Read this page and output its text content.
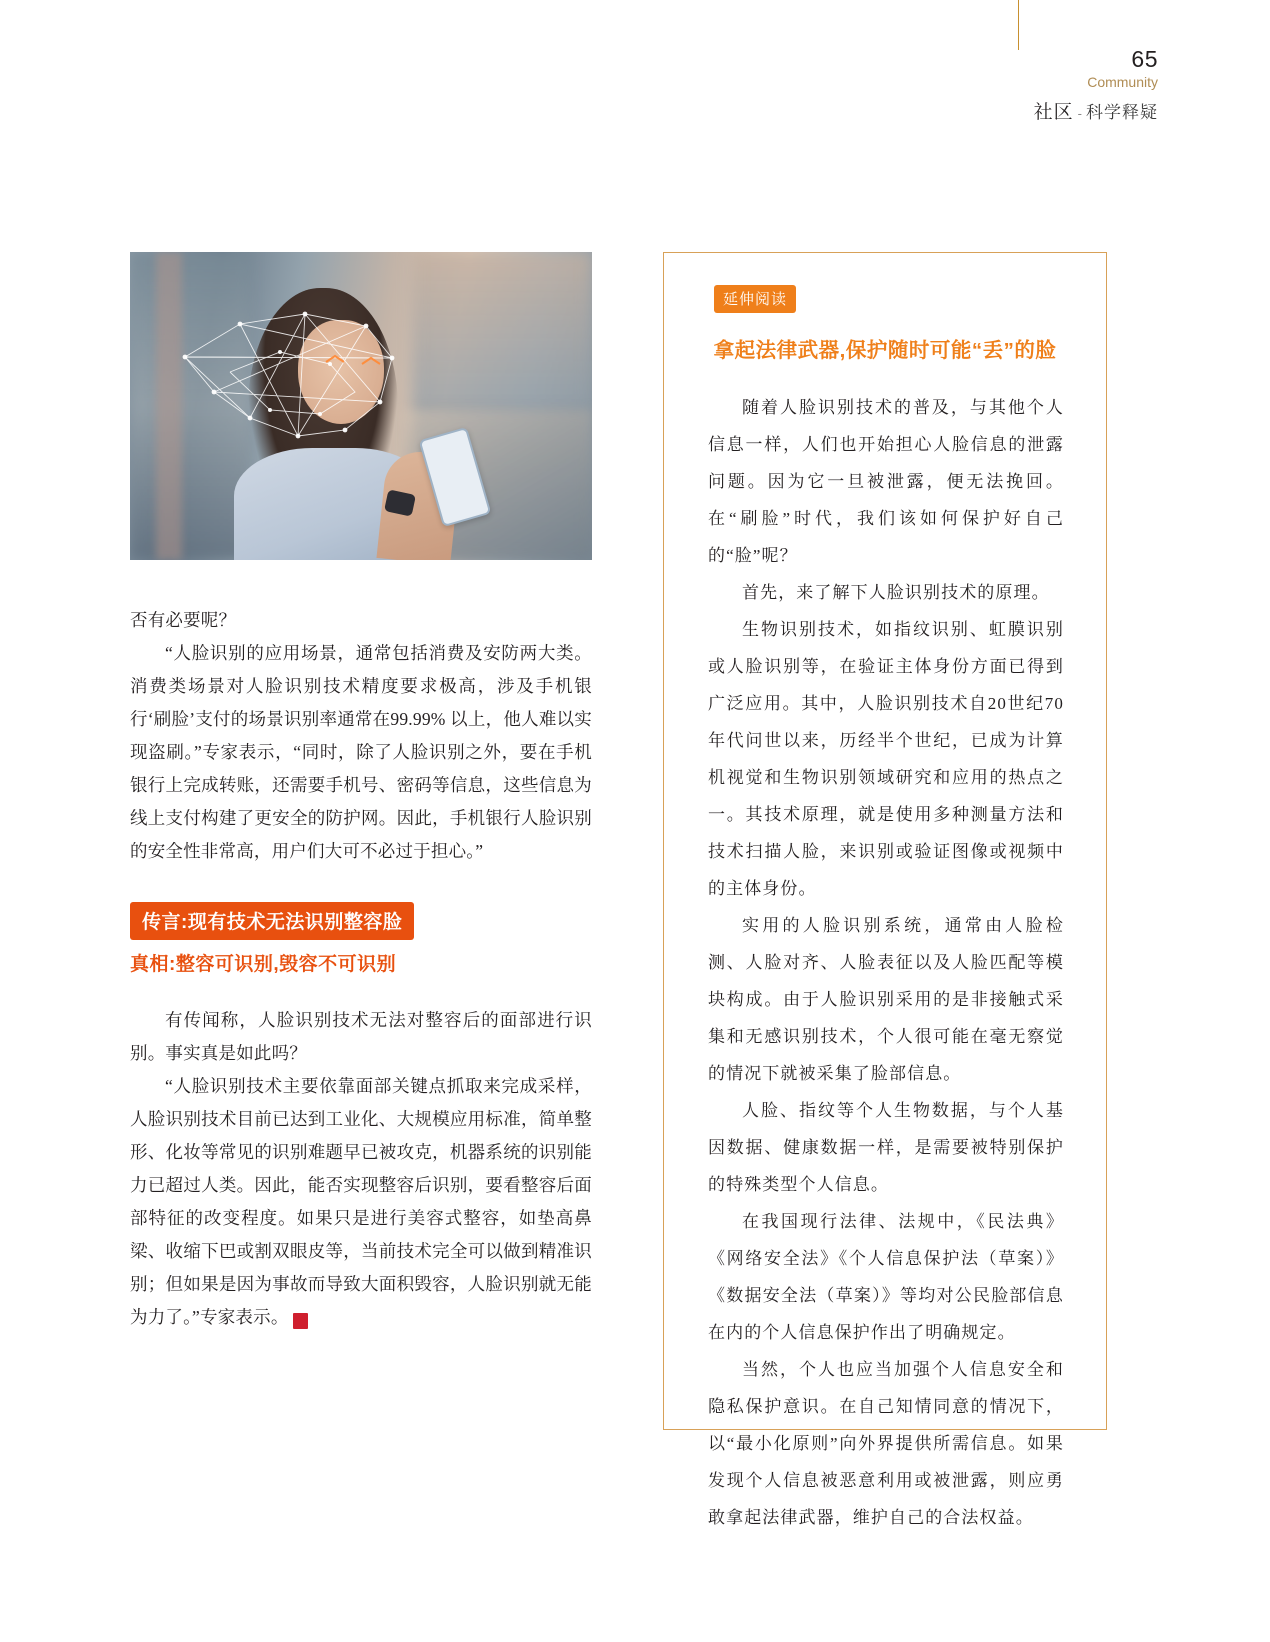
65
Community
社区 - 科学释疑

否有必要呢？

“人脸识别的应用场景，通常包括消费及安防两大类。消费类场景对人脸识别技术精度要求极高，涉及手机银行‘刷脸’支付的场景识别率通常在99.99% 以上，他人难以实现盗刷。”专家表示，“同时，除了人脸识别之外，要在手机银行上完成转账，还需要手机号、密码等信息，这些信息为线上支付构建了更安全的防护网。因此，手机银行人脸识别的安全性非常高，用户们大可不必过于担心。”

传言:现有技术无法识别整容脸
真相:整容可识别,毁容不可识别

有传闻称，人脸识别技术无法对整容后的面部进行识别。事实真是如此吗？

“人脸识别技术主要依靠面部关键点抓取来完成采样，人脸识别技术目前已达到工业化、大规模应用标准，简单整形、化妆等常见的识别难题早已被攻克，机器系统的识别能力已超过人类。因此，能否实现整容后识别，要看整容后面部特征的改变程度。如果只是进行美容式整容，如垫高鼻梁、收缩下巴或割双眼皮等，当前技术完全可以做到精准识别；但如果是因为事故而导致大面积毁容，人脸识别就无能为力了。”专家表示。	S

延伸阅读
拿起法律武器,保护随时可能“丢”的脸

随着人脸识别技术的普及，与其他个人信息一样，人们也开始担心人脸信息的泄露问题。因为它一旦被泄露，便无法挽回。在“刷脸”时代，我们该如何保护好自己的“脸”呢？

首先，来了解下人脸识别技术的原理。

生物识别技术，如指纹识别、虹膜识别或人脸识别等，在验证主体身份方面已得到广泛应用。其中，人脸识别技术自20世纪70年代问世以来，历经半个世纪，已成为计算机视觉和生物识别领域研究和应用的热点之一。其技术原理，就是使用多种测量方法和技术扫描人脸，来识别或验证图像或视频中的主体身份。

实用的人脸识别系统，通常由人脸检测、人脸对齐、人脸表征以及人脸匹配等模块构成。由于人脸识别采用的是非接触式采集和无感识别技术，个人很可能在毫无察觉的情况下就被采集了脸部信息。

人脸、指纹等个人生物数据，与个人基因数据、健康数据一样，是需要被特别保护的特殊类型个人信息。

在我国现行法律、法规中，《民法典》《网络安全法》《个人信息保护法（草案）》《数据安全法（草案）》等均对公民脸部信息在内的个人信息保护作出了明确规定。

当然，个人也应当加强个人信息安全和隐私保护意识。在自己知情同意的情况下，以“最小化原则”向外界提供所需信息。如果发现个人信息被恶意利用或被泄露，则应勇敢拿起法律武器，维护自己的合法权益。
